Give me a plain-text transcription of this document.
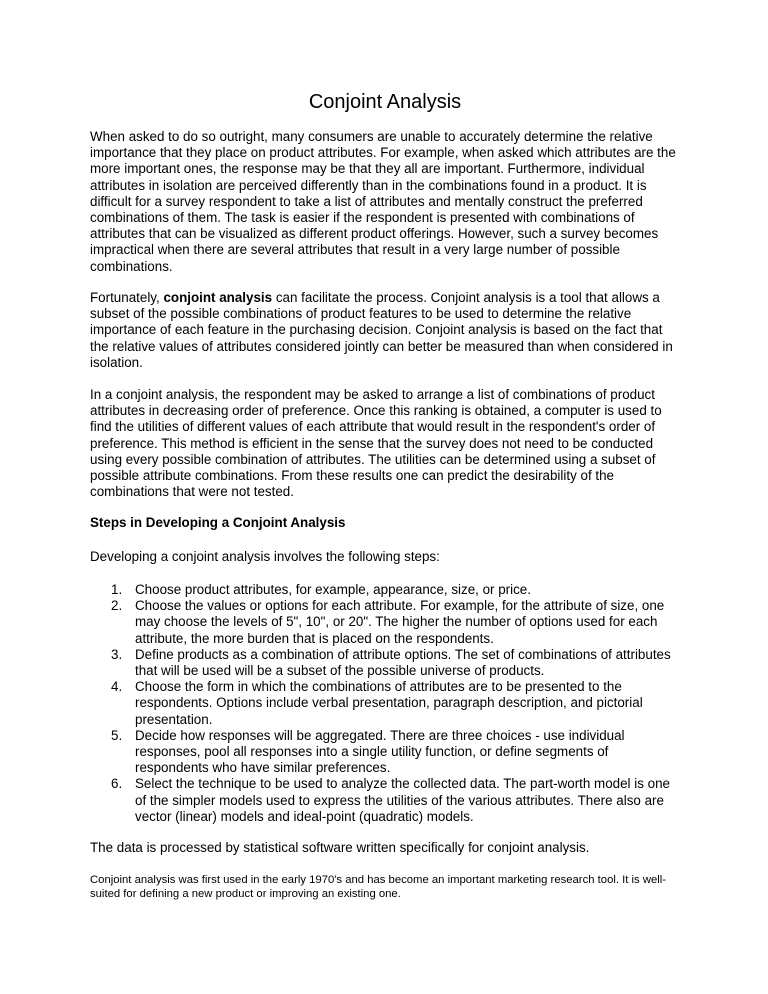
Conjoint Analysis

When asked to do so outright, many consumers are unable to accurately determine the relative importance that they place on product attributes. For example, when asked which attributes are the more important ones, the response may be that they all are important. Furthermore, individual attributes in isolation are perceived differently than in the combinations found in a product. It is difficult for a survey respondent to take a list of attributes and mentally construct the preferred combinations of them. The task is easier if the respondent is presented with combinations of attributes that can be visualized as different product offerings. However, such a survey becomes impractical when there are several attributes that result in a very large number of possible combinations.

Fortunately, conjoint analysis can facilitate the process. Conjoint analysis is a tool that allows a subset of the possible combinations of product features to be used to determine the relative importance of each feature in the purchasing decision. Conjoint analysis is based on the fact that the relative values of attributes considered jointly can better be measured than when considered in isolation.

In a conjoint analysis, the respondent may be asked to arrange a list of combinations of product attributes in decreasing order of preference. Once this ranking is obtained, a computer is used to find the utilities of different values of each attribute that would result in the respondent's order of preference. This method is efficient in the sense that the survey does not need to be conducted using every possible combination of attributes. The utilities can be determined using a subset of possible attribute combinations. From these results one can predict the desirability of the combinations that were not tested.

Steps in Developing a Conjoint Analysis

Developing a conjoint analysis involves the following steps:

1. Choose product attributes, for example, appearance, size, or price.
2. Choose the values or options for each attribute. For example, for the attribute of size, one may choose the levels of 5", 10", or 20". The higher the number of options used for each attribute, the more burden that is placed on the respondents.
3. Define products as a combination of attribute options. The set of combinations of attributes that will be used will be a subset of the possible universe of products.
4. Choose the form in which the combinations of attributes are to be presented to the respondents. Options include verbal presentation, paragraph description, and pictorial presentation.
5. Decide how responses will be aggregated. There are three choices - use individual responses, pool all responses into a single utility function, or define segments of respondents who have similar preferences.
6. Select the technique to be used to analyze the collected data. The part-worth model is one of the simpler models used to express the utilities of the various attributes. There also are vector (linear) models and ideal-point (quadratic) models.

The data is processed by statistical software written specifically for conjoint analysis.

Conjoint analysis was first used in the early 1970's and has become an important marketing research tool. It is well-suited for defining a new product or improving an existing one.
